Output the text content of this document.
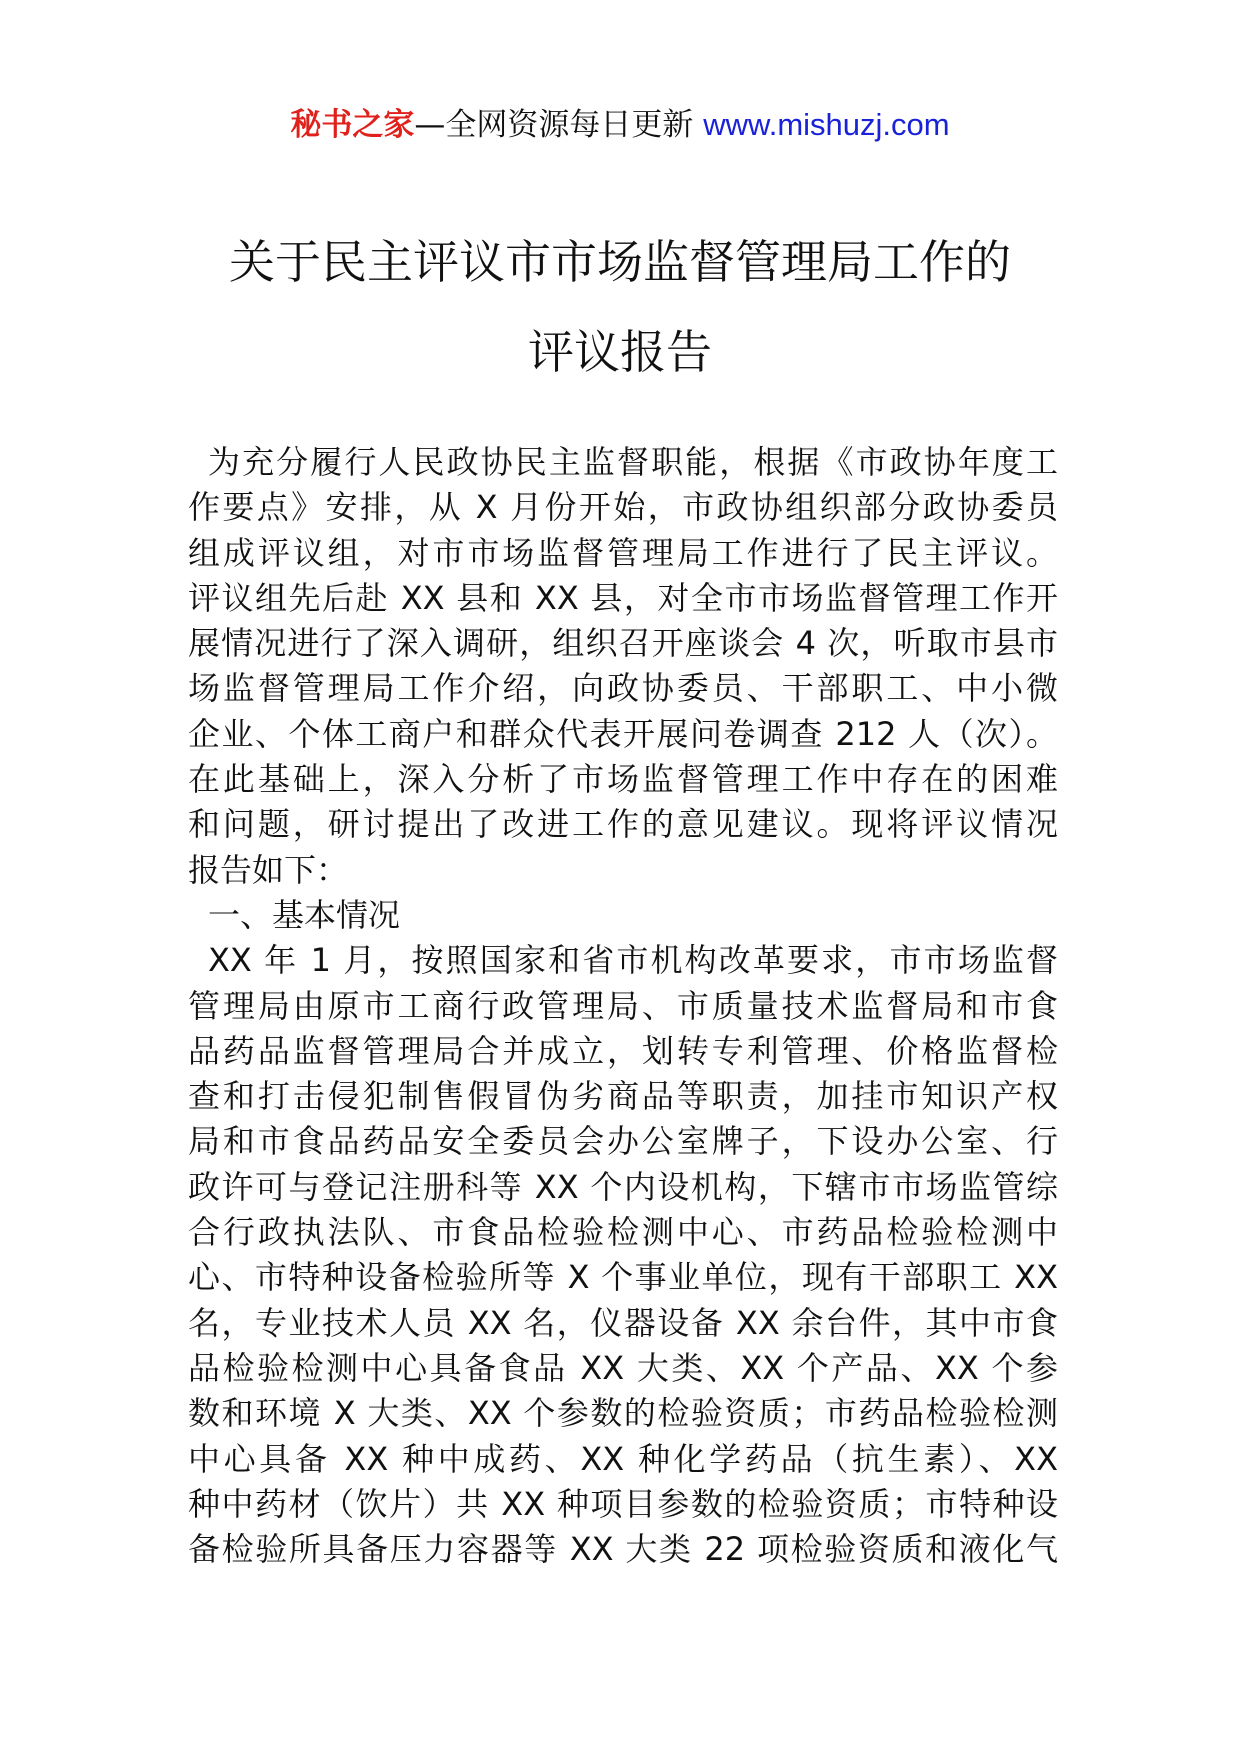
秘书之家—全网资源每日更新 www.mishuzj.com
关于民主评议市市场监督管理局工作的
评议报告
为充分履行人民政协民主监督职能，根据《市政协年度工
作要点》安排，从 X 月份开始，市政协组织部分政协委员
组成评议组，对市市场监督管理局工作进行了民主评议。
评议组先后赴 XX 县和 XX 县，对全市市场监督管理工作开
展情况进行了深入调研，组织召开座谈会 4 次，听取市县市
场监督管理局工作介绍，向政协委员、干部职工、中小微
企业、个体工商户和群众代表开展问卷调查 212 人（次）。
在此基础上，深入分析了市场监督管理工作中存在的困难
和问题，研讨提出了改进工作的意见建议。现将评议情况
报告如下：
一、基本情况
XX 年 1 月，按照国家和省市机构改革要求，市市场监督
管理局由原市工商行政管理局、市质量技术监督局和市食
品药品监督管理局合并成立，划转专利管理、价格监督检
查和打击侵犯制售假冒伪劣商品等职责，加挂市知识产权
局和市食品药品安全委员会办公室牌子，下设办公室、行
政许可与登记注册科等 XX 个内设机构，下辖市市场监管综
合行政执法队、市食品检验检测中心、市药品检验检测中
心、市特种设备检验所等 X 个事业单位，现有干部职工 XX
名，专业技术人员 XX 名，仪器设备 XX 余台件，其中市食
品检验检测中心具备食品 XX 大类、XX 个产品、XX 个参
数和环境 X 大类、XX 个参数的检验资质；市药品检验检测
中心具备 XX 种中成药、XX 种化学药品（抗生素）、XX
种中药材（饮片）共 XX 种项目参数的检验资质；市特种设
备检验所具备压力容器等 XX 大类 22 项检验资质和液化气
